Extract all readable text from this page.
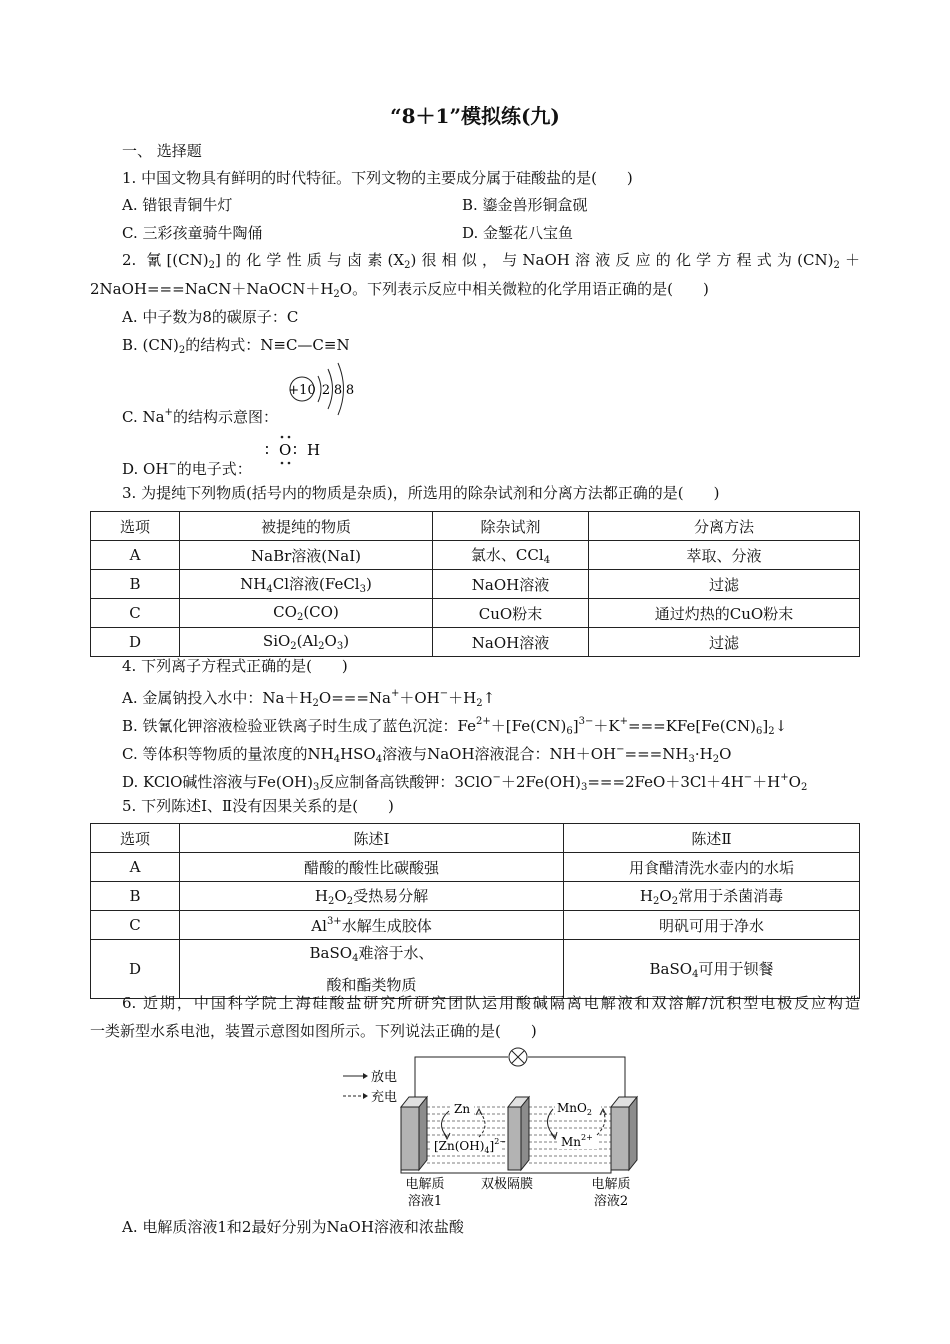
“8＋1”模拟练(九)
一、 选择题
1. 中国文物具有鲜明的时代特征。下列文物的主要成分属于硅酸盐的是(　　)
A. 错银青铜牛灯	B. 鎏金兽形铜盒砚
C. 三彩孩童骑牛陶俑	D. 金錾花八宝鱼
2. 氰$[(CN)_2]$的化学性质与卤素$(X_2)$很相似，与NaOH溶液反应的化学方程式为$(CN)_2+$
$2NaOH===NaCN+NaOCN+H_2O$。下列表示反应中相关微粒的化学用语正确的是(　　)
A. 中子数为8的碳原子：C
B. $(CN)_2$的结构式：N≡C—C≡N
+10 2 8 8
C. Na+的结构示意图：
∶ O ∶ H
D. OH−的电子式：
3. 为提纯下列物质(括号内的物质是杂质)，所选用的除杂试剂和分离方法都正确的是(　　)
选项	被提纯的物质	除杂试剂	分离方法
A	NaBr溶液(NaI)	氯水、CCl$_4$	萃取、分液
B	$NH_4Cl$溶液(FeCl$_3$)	NaOH溶液	过滤
C	$CO_2(CO)$	CuO粉末	通过灼热的CuO粉末
D	$SiO_2(Al_2O_3)$	NaOH溶液	过滤
4. 下列离子方程式正确的是(　　)
A. 金属钠投入水中：$Na+H_2O===Na^++OH^-+H_2↑$
B. 铁氰化钾溶液检验亚铁离子时生成了蓝色沉淀：$Fe^{2+}+[Fe(CN)_6]^{3-}+K^+===KFe[Fe(CN)_6]_2↓$
C. 等体积等物质的量浓度的$NH_4HSO_4$溶液与NaOH溶液混合：$NH+OH^-===NH_3\cdot H_2O$
D. KClO碱性溶液与$Fe(OH)_3$反应制备高铁酸钾：$3ClO^-+2Fe(OH)_3===2FeO+3Cl+4H^-+H^+O_2$
5. 下列陈述Ⅰ、Ⅱ没有因果关系的是(　　)
选项	陈述Ⅰ	陈述Ⅱ
A	醋酸的酸性比碳酸强	用食醋清洗水壶内的水垢
B	$H_2O_2$受热易分解	$H_2O_2$常用于杀菌消毒
C	$Al^{3+}$水解生成胶体	明矾可用于净水
D	BaSO$_4$难溶于水、
酸和酯类物质	BaSO$_4$可用于钡餐
6. 近期，中国科学院上海硅酸盐研究所研究团队运用酸碱隔离电解液和双溶解/沉积型电极反应构造
一类新型水系电池，装置示意图如图所示。下列说法正确的是(　　)
放电
充电
Zn
$[Zn(OH)_4]^{2-}$
MnO$_2$
$Mn^{2+}$
电解质
溶液1
双极隔膜	电解质
溶液2
A. 电解质溶液1和2最好分别为NaOH溶液和浓盐酸
